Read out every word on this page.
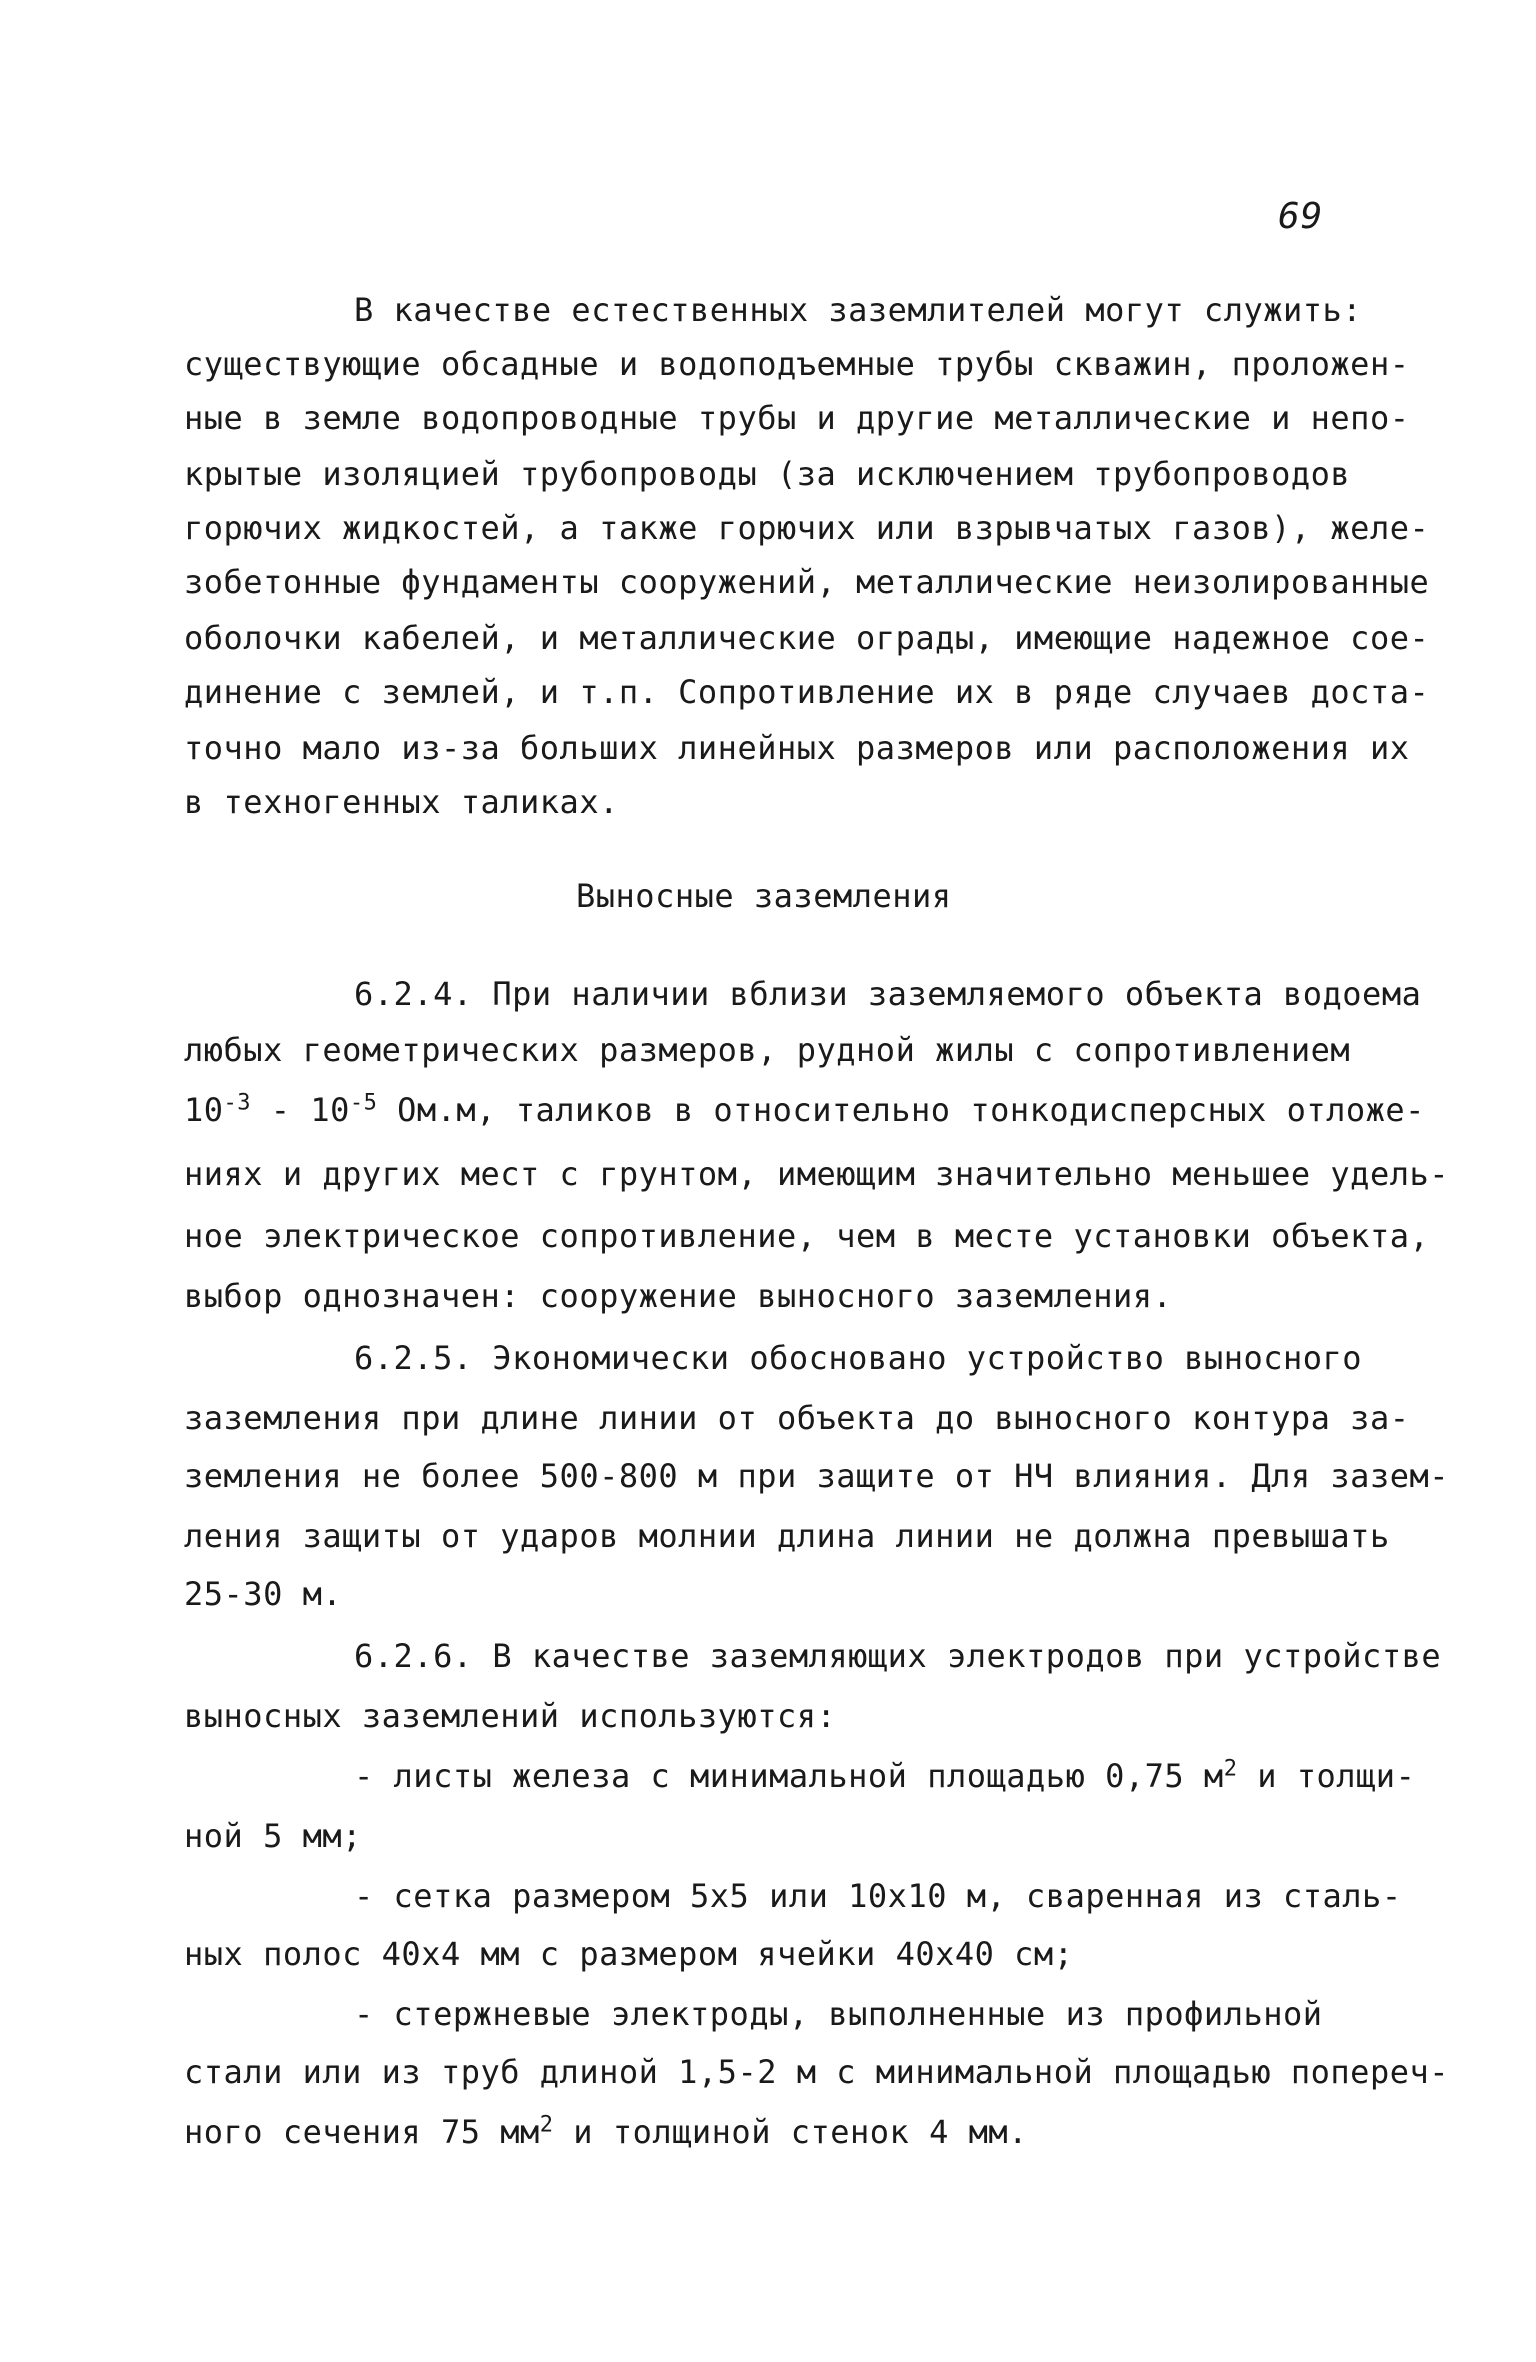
69
В качестве естественных заземлителей могут служить:
существующие обсадные и водоподъемные трубы скважин, проложен-
ные в земле водопроводные трубы и другие металлические и непо-
крытые изоляцией трубопроводы (за исключением трубопроводов
горючих жидкостей, а также горючих или взрывчатых газов), желе-
зобетонные фундаменты сооружений, металлические неизолированные
оболочки кабелей, и металлические ограды, имеющие надежное сое-
динение с землей, и т.п. Сопротивление их в ряде случаев доста-
точно мало из-за больших линейных размеров или расположения их
в техногенных таликах.
Выносные заземления
6.2.4. При наличии вблизи заземляемого объекта водоема
любых геометрических размеров, рудной жилы с сопротивлением
$10^{-3} - 10^{-5}$ Ом.м, таликов в относительно тонкодисперсных отложе-
ниях и других мест с грунтом, имеющим значительно меньшее удель-
ное электрическое сопротивление, чем в месте установки объекта,
выбор однозначен: сооружение выносного заземления.
6.2.5. Экономически обосновано устройство выносного
заземления при длине линии от объекта до выносного контура за-
земления не более 500-800 м при защите от НЧ влияния. Для зазем-
ления защиты от ударов молнии длина линии не должна превышать
25-30 м.
6.2.6. В качестве заземляющих электродов при устройстве
выносных заземлений используются:
- листы железа с минимальной площадью 0,75 $м^2$ и толщи-
ной 5 мм;
- сетка размером 5х5 или 10х10 м, сваренная из сталь-
ных полос 40х4 мм с размером ячейки 40х40 см;
- стержневые электроды, выполненные из профильной
стали или из труб длиной 1,5-2 м с минимальной площадью попереч-
ного сечения 75 $мм^2$ и толщиной стенок 4 мм.
